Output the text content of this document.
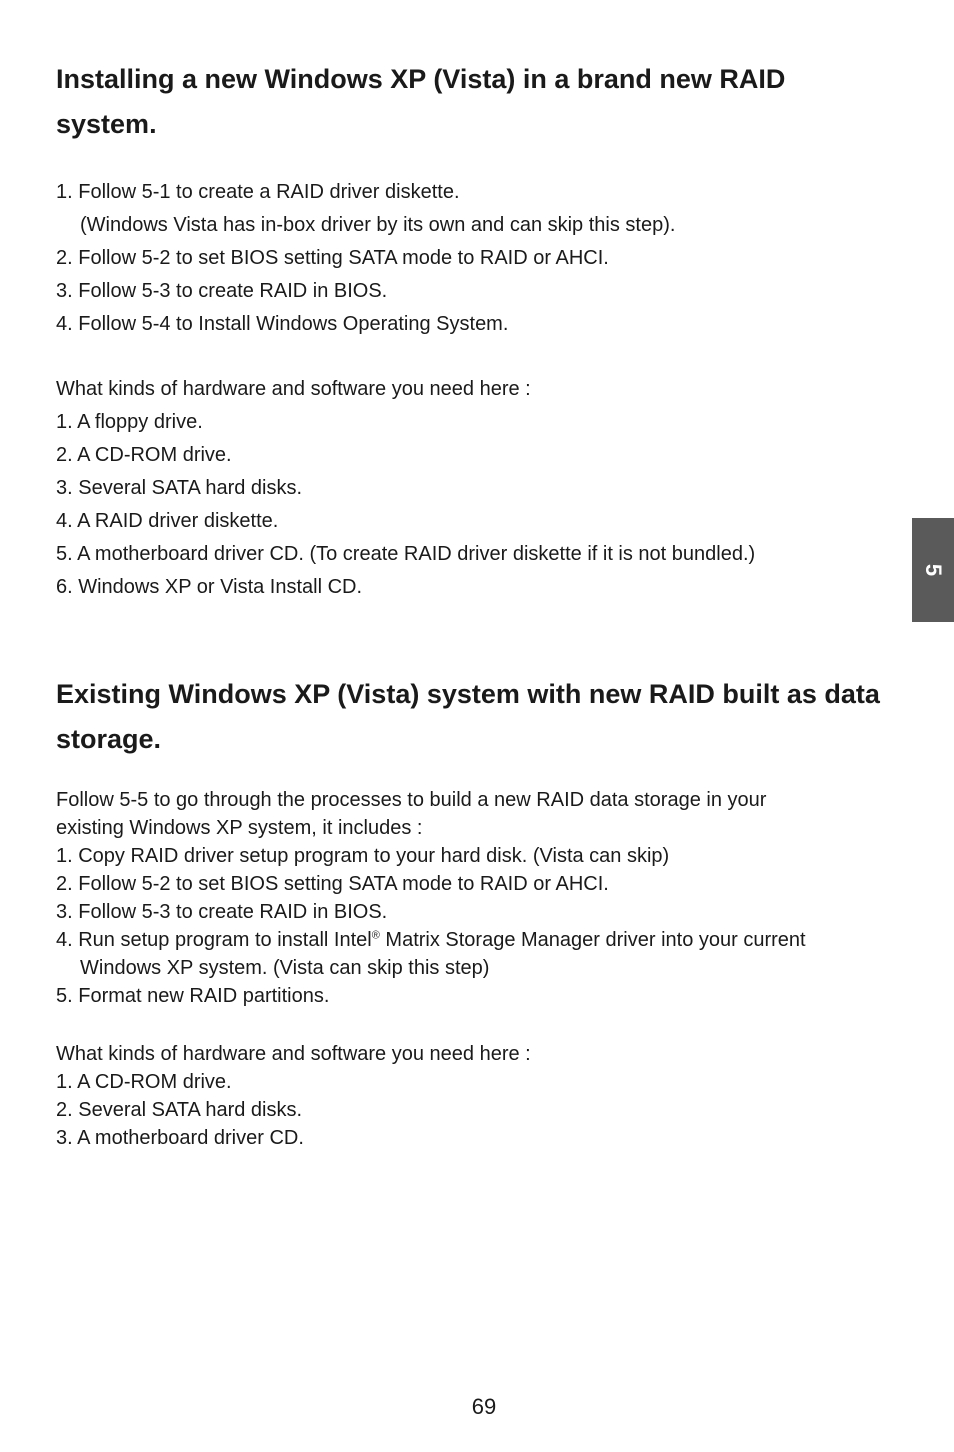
Installing a new Windows XP (Vista) in a brand new RAID system.

1. Follow 5-1 to create a RAID driver diskette.

(Windows Vista has in-box driver by its own and can skip this step).

2. Follow 5-2 to set BIOS setting SATA mode to RAID or AHCI.

3. Follow 5-3 to create RAID in BIOS.

4. Follow 5-4 to Install Windows Operating System.

What kinds of hardware and software you need here :

1. A floppy drive.

2. A CD-ROM drive.

3. Several SATA hard disks.

4. A RAID driver diskette.

5. A motherboard driver CD. (To create RAID driver diskette if it is not bundled.)

6. Windows XP or Vista Install CD.

Existing Windows XP (Vista) system with new RAID built as data storage.

Follow 5-5 to go through the processes to build a new RAID data storage in your

existing Windows XP system, it includes :

1. Copy RAID driver setup program to your hard disk. (Vista can skip)

2. Follow 5-2 to set BIOS setting SATA mode to RAID or AHCI.

3. Follow 5-3 to create RAID in BIOS.

4. Run setup program to install Intel® Matrix Storage Manager driver into your current

Windows XP system. (Vista can skip this step)

5. Format new RAID partitions.

What kinds of hardware and software you need here :

1. A CD-ROM drive.

2. Several SATA hard disks.

3. A motherboard driver CD.

5
69
